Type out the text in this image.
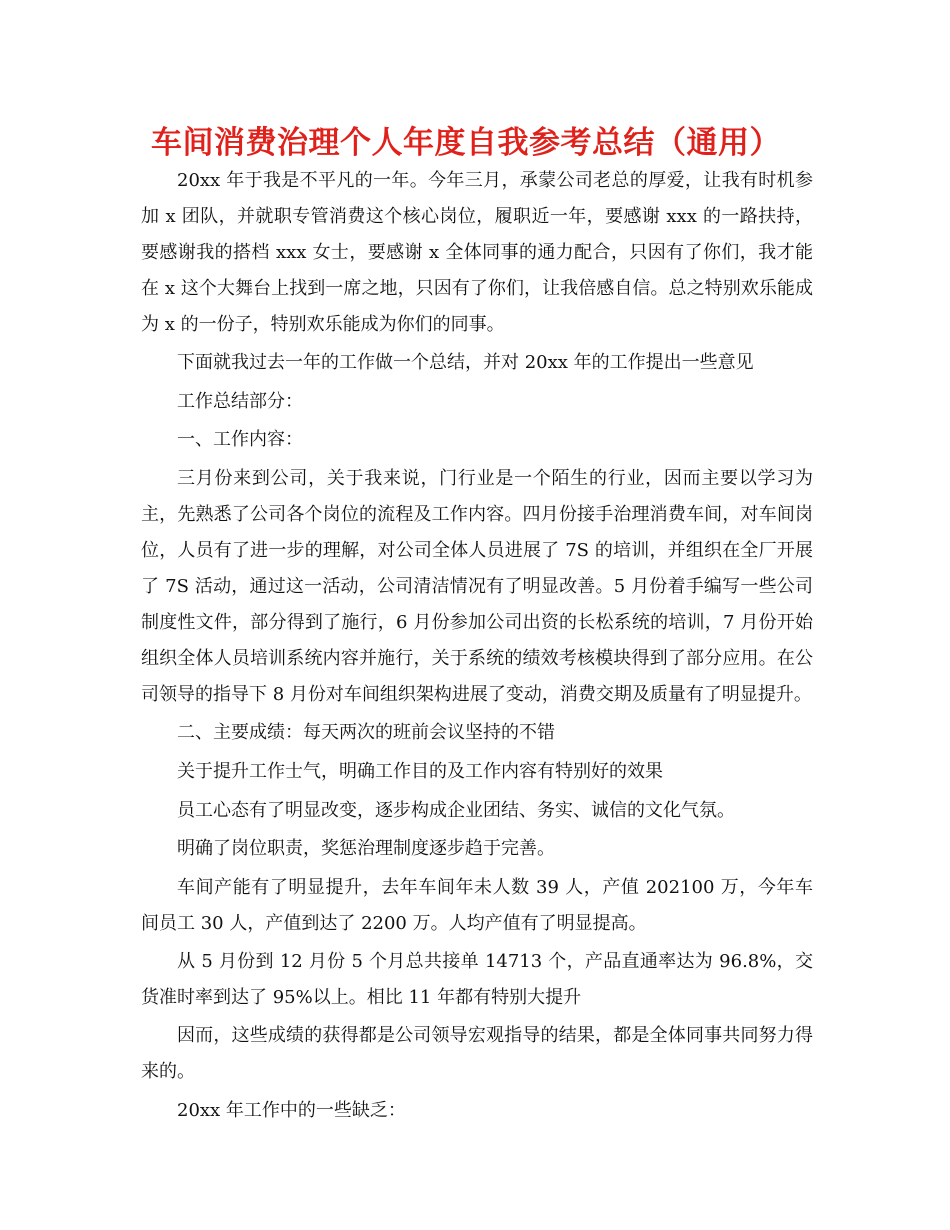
车间消费治理个人年度自我参考总结（通用）

20xx 年于我是不平凡的一年。今年三月，承蒙公司老总的厚爱，让我有时机参加 x 团队，并就职专管消费这个核心岗位，履职近一年，要感谢 xxx 的一路扶持，要感谢我的搭档 xxx 女士，要感谢 x 全体同事的通力配合，只因有了你们，我才能在 x 这个大舞台上找到一席之地，只因有了你们，让我倍感自信。总之特别欢乐能成为 x 的一份子，特别欢乐能成为你们的同事。

下面就我过去一年的工作做一个总结，并对 20xx 年的工作提出一些意见

工作总结部分：

一、工作内容：

三月份来到公司，关于我来说，门行业是一个陌生的行业，因而主要以学习为主，先熟悉了公司各个岗位的流程及工作内容。四月份接手治理消费车间，对车间岗位，人员有了进一步的理解，对公司全体人员进展了 7S 的培训，并组织在全厂开展了 7S 活动，通过这一活动，公司清洁情况有了明显改善。5 月份着手编写一些公司制度性文件，部分得到了施行，6 月份参加公司出资的长松系统的培训，7 月份开始组织全体人员培训系统内容并施行，关于系统的绩效考核模块得到了部分应用。在公司领导的指导下 8 月份对车间组织架构进展了变动，消费交期及质量有了明显提升。

二、主要成绩：每天两次的班前会议坚持的不错

关于提升工作士气，明确工作目的及工作内容有特别好的效果

员工心态有了明显改变，逐步构成企业团结、务实、诚信的文化气氛。

明确了岗位职责，奖惩治理制度逐步趋于完善。

车间产能有了明显提升，去年车间年未人数 39 人，产值 202100 万，今年车间员工 30 人，产值到达了 2200 万。人均产值有了明显提高。

从 5 月份到 12 月份 5 个月总共接单 14713 个，产品直通率达为 96.8%，交货准时率到达了 95%以上。相比 11 年都有特别大提升

因而，这些成绩的获得都是公司领导宏观指导的结果，都是全体同事共同努力得来的。

20xx 年工作中的一些缺乏：
